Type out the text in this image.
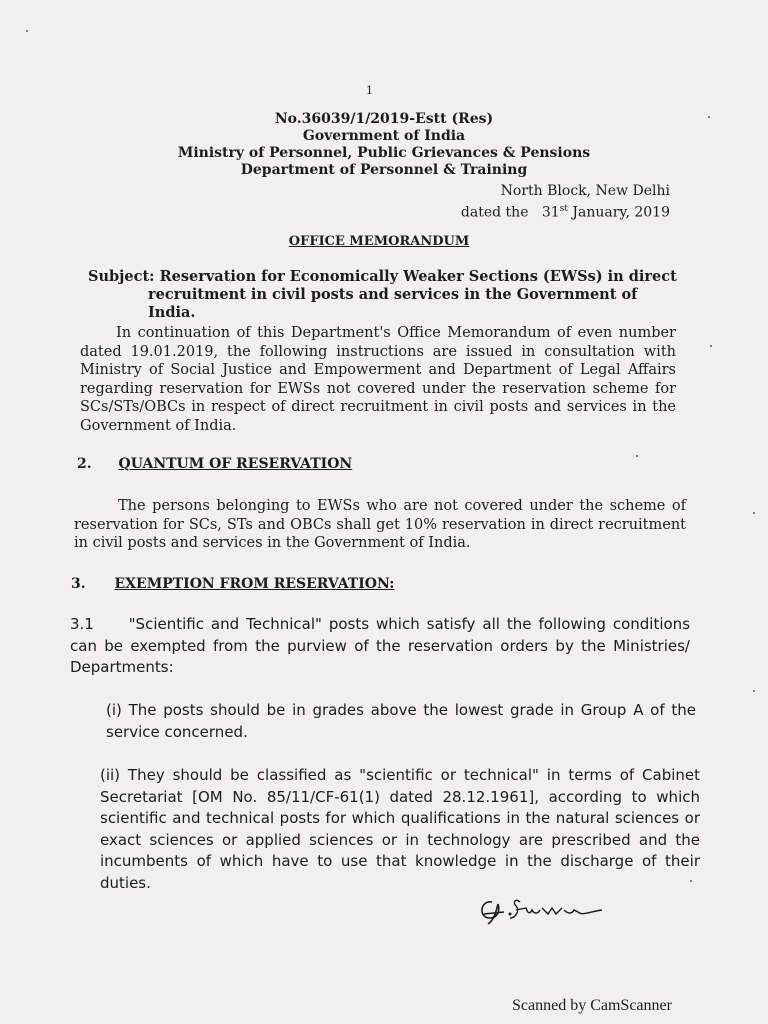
1
No.36039/1/2019-Estt (Res)
Government of India
Ministry of Personnel, Public Grievances & Pensions
Department of Personnel & Training
North Block, New Delhi
dated the 31st January, 2019
OFFICE MEMORANDUM
Subject: Reservation for Economically Weaker Sections (EWSs) in direct
recruitment in civil posts and services in the Government of India.
In continuation of this Department's Office Memorandum of even number dated 19.01.2019, the following instructions are issued in consultation with Ministry of Social Justice and Empowerment and Department of Legal Affairs regarding reservation for EWSs not covered under the reservation scheme for SCs/STs/OBCs in respect of direct recruitment in civil posts and services in the Government of India.
2. QUANTUM OF RESERVATION
The persons belonging to EWSs who are not covered under the scheme of reservation for SCs, STs and OBCs shall get 10% reservation in direct recruitment in civil posts and services in the Government of India.
3. EXEMPTION FROM RESERVATION:
3.1 "Scientific and Technical" posts which satisfy all the following conditions can be exempted from the purview of the reservation orders by the Ministries/ Departments:
(i) The posts should be in grades above the lowest grade in Group A of the service concerned.
(ii) They should be classified as "scientific or technical" in terms of Cabinet Secretariat [OM No. 85/11/CF-61(1) dated 28.12.1961], according to which scientific and technical posts for which qualifications in the natural sciences or exact sciences or applied sciences or in technology are prescribed and the incumbents of which have to use that knowledge in the discharge of their duties.
Scanned by CamScanner
